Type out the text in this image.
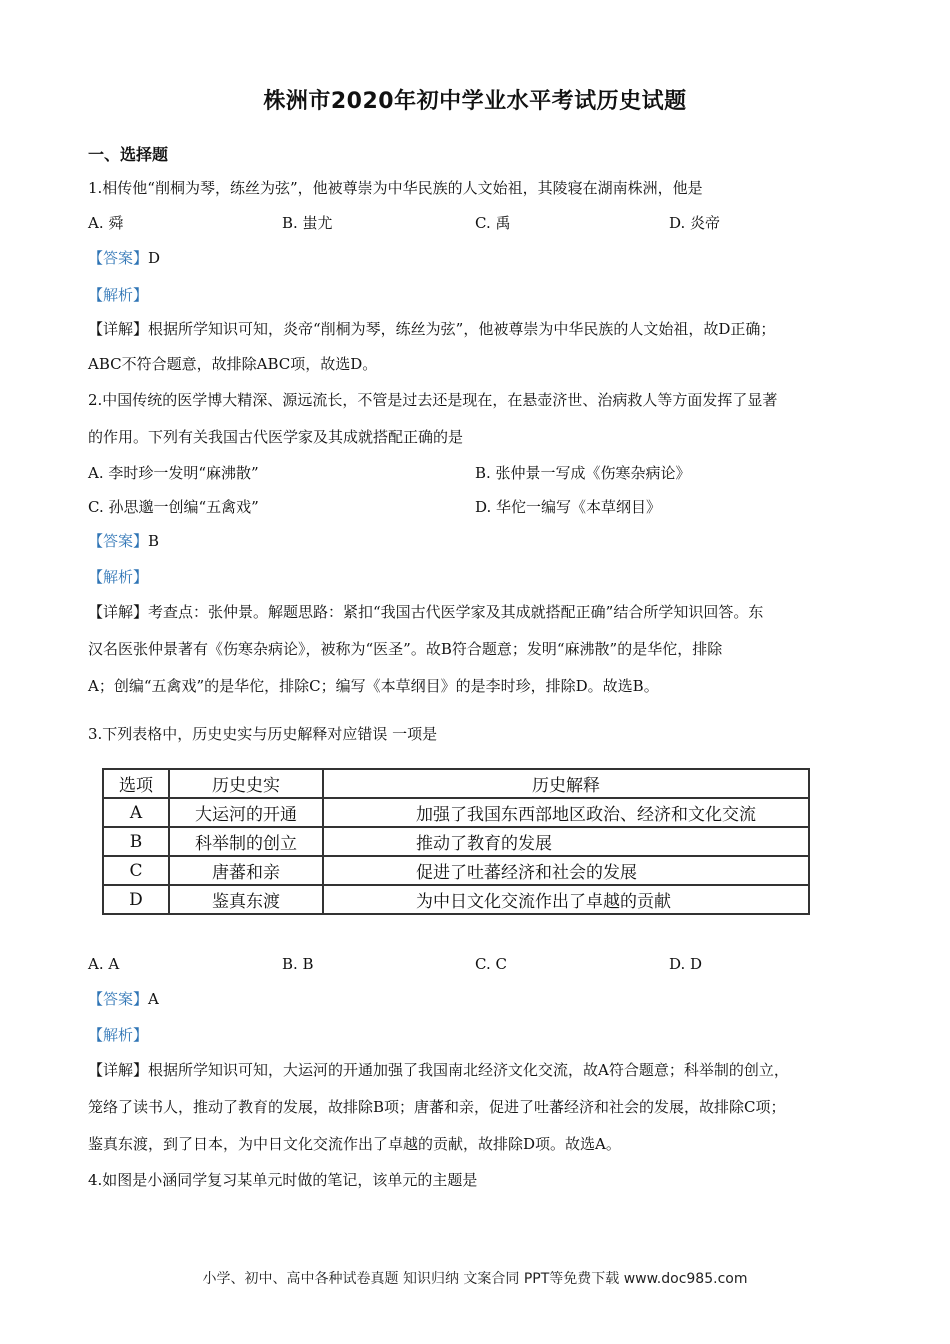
株洲市2020年初中学业水平考试历史试题
一、选择题
1.相传他“削桐为琴，练丝为弦”，他被尊崇为中华民族的人文始祖，其陵寝在湖南株洲，他是
A. 舜	B. 蚩尤	C. 禹	D. 炎帝
【答案】D
【解析】
【详解】根据所学知识可知，炎帝“削桐为琴，练丝为弦”，他被尊崇为中华民族的人文始祖，故D正确；
ABC不符合题意，故排除ABC项，故选D。
2.中国传统的医学博大精深、源远流长，不管是过去还是现在，在悬壶济世、治病救人等方面发挥了显著
的作用。下列有关我国古代医学家及其成就搭配正确的是
A. 李时珍一发明“麻沸散”	B. 张仲景一写成《伤寒杂病论》
C. 孙思邈一创编“五禽戏”	D. 华佗一编写《本草纲目》
【答案】B
【解析】
【详解】考查点：张仲景。解题思路：紧扣“我国古代医学家及其成就搭配正确”结合所学知识回答。东
汉名医张仲景著有《伤寒杂病论》，被称为“医圣”。故B符合题意；发明“麻沸散”的是华佗，排除
A；创编“五禽戏”的是华佗，排除C；编写《本草纲目》的是李时珍，排除D。故选B。
3.下列表格中，历史史实与历史解释对应错误 一项是
选项	历史史实	历史解释
A	大运河的开通	加强了我国东西部地区政治、经济和文化交流
B	科举制的创立	推动了教育的发展
C	唐蕃和亲	促进了吐蕃经济和社会的发展
D	鉴真东渡	为中日文化交流作出了卓越的贡献
A. A	B. B	C. C	D. D
【答案】A
【解析】
【详解】根据所学知识可知，大运河的开通加强了我国南北经济文化交流，故A符合题意；科举制的创立，
笼络了读书人，推动了教育的发展，故排除B项；唐蕃和亲，促进了吐蕃经济和社会的发展，故排除C项；
鉴真东渡，到了日本，为中日文化交流作出了卓越的贡献，故排除D项。故选A。
4.如图是小涵同学复习某单元时做的笔记，该单元的主题是
小学、初中、高中各种试卷真题 知识归纳 文案合同 PPT等免费下载 www.doc985.com
